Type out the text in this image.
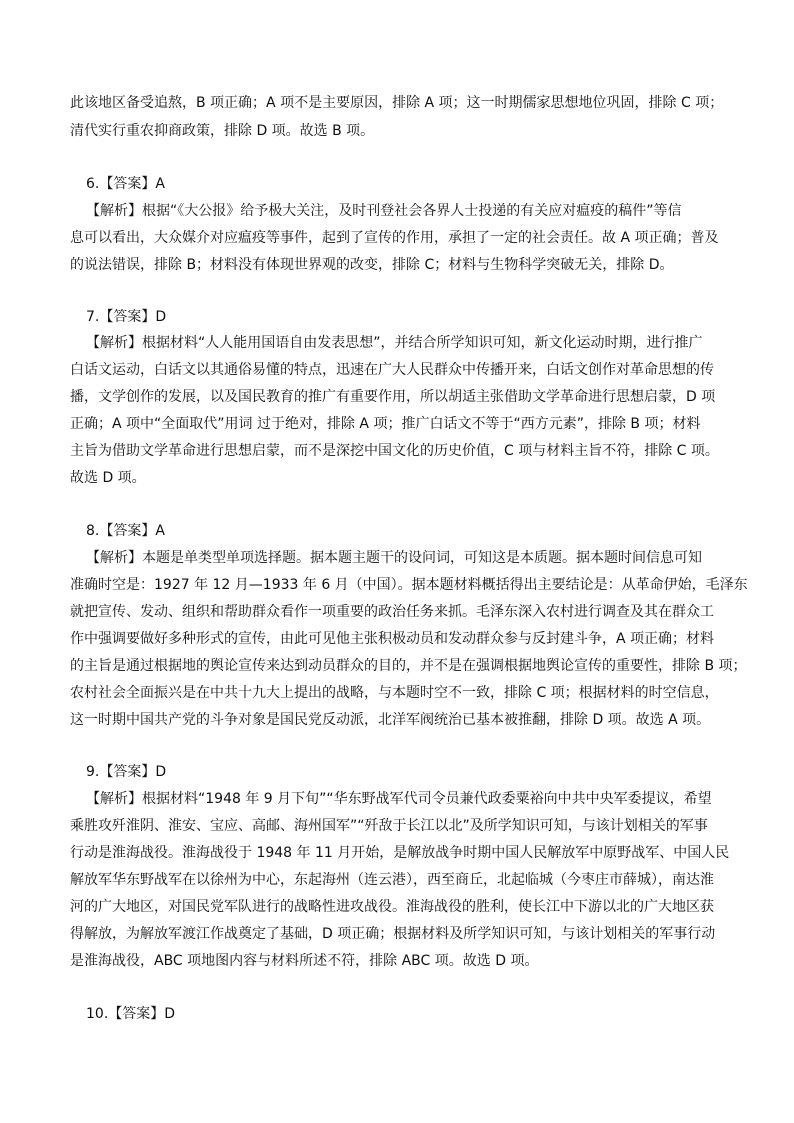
此该地区备受追熬，B 项正确；A 项不是主要原因，排除 A 项；这一时期儒家思想地位巩固，排除 C 项；
清代实行重农抑商政策，排除 D 项。故选 B 项。
6.【答案】A
【解析】根据“《大公报》给予极大关注，及时刊登社会各界人士投递的有关应对瘟疫的稿件”等信
息可以看出，大众媒介对应瘟疫等事件，起到了宣传的作用，承担了一定的社会责任。故 A 项正确；普及
的说法错误，排除 B；材料没有体现世界观的改变，排除 C；材料与生物科学突破无关，排除 D。
7.【答案】D
【解析】根据材料“人人能用国语自由发表思想”，并结合所学知识可知，新文化运动时期，进行推广
白话文运动，白话文以其通俗易懂的特点，迅速在广大人民群众中传播开来，白话文创作对革命思想的传
播，文学创作的发展，以及国民教育的推广有重要作用，所以胡适主张借助文学革命进行思想启蒙，D 项
正确；A 项中“全面取代”用词 过于绝对，排除 A 项；推广白话文不等于“西方元素”，排除 B 项；材料
主旨为借助文学革命进行思想启蒙，而不是深挖中国文化的历史价值，C 项与材料主旨不符，排除 C 项。
故选 D 项。
8.【答案】A
【解析】本题是单类型单项选择题。据本题主题干的设问词，可知这是本质题。据本题时间信息可知
准确时空是：1927 年 12 月—1933 年 6 月（中国）。据本题材料概括得出主要结论是：从革命伊始，毛泽东
就把宣传、发动、组织和帮助群众看作一项重要的政治任务来抓。毛泽东深入农村进行调查及其在群众工
作中强调要做好多种形式的宣传，由此可见他主张积极动员和发动群众参与反封建斗争，A 项正确；材料
的主旨是通过根据地的舆论宣传来达到动员群众的目的，并不是在强调根据地舆论宣传的重要性，排除 B 项；
农村社会全面振兴是在中共十九大上提出的战略，与本题时空不一致，排除 C 项；根据材料的时空信息，
这一时期中国共产党的斗争对象是国民党反动派，北洋军阀统治已基本被推翻，排除 D 项。故选 A 项。
9.【答案】D
【解析】根据材料“1948 年 9 月下旬”“华东野战军代司令员兼代政委粟裕向中共中央军委提议，希望
乘胜攻歼淮阴、淮安、宝应、高邮、海州国军”“歼敌于长江以北”及所学知识可知，与该计划相关的军事
行动是淮海战役。淮海战役于 1948 年 11 月开始，是解放战争时期中国人民解放军中原野战军、中国人民
解放军华东野战军在以徐州为中心，东起海州（连云港），西至商丘，北起临城（今枣庄市薛城），南达淮
河的广大地区，对国民党军队进行的战略性进攻战役。淮海战役的胜利，使长江中下游以北的广大地区获
得解放，为解放军渡江作战奠定了基础，D 项正确；根据材料及所学知识可知，与该计划相关的军事行动
是淮海战役，ABC 项地图内容与材料所述不符，排除 ABC 项。故选 D 项。
10.【答案】D
